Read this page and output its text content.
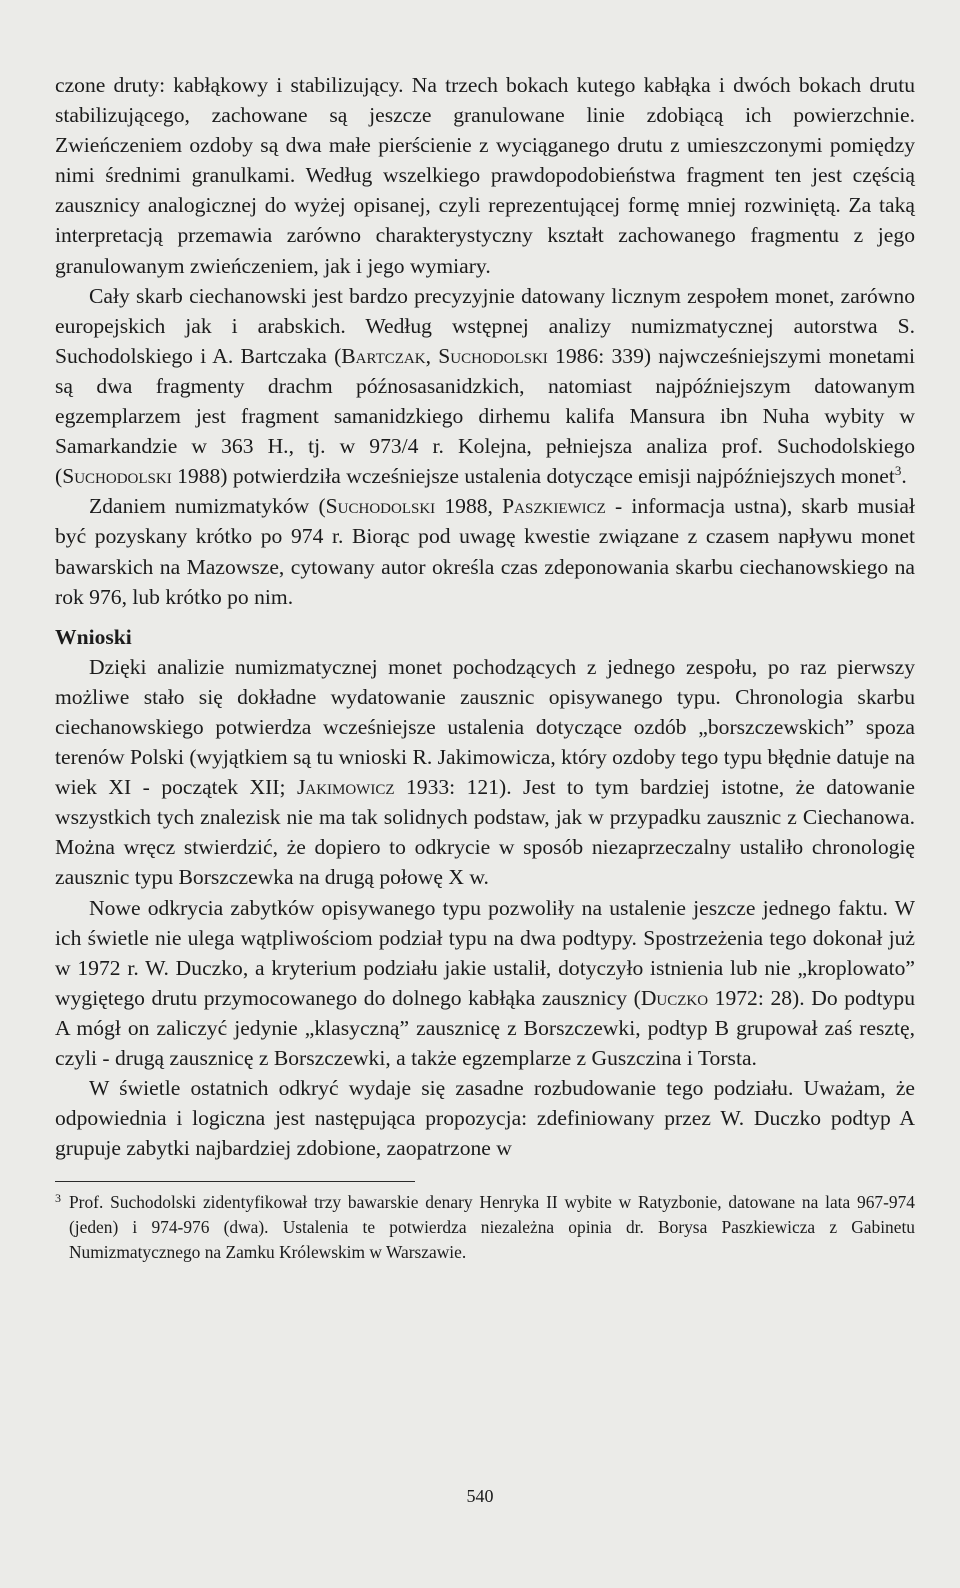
czone druty: kabłąkowy i stabilizujący. Na trzech bokach kutego kabłąka i dwóch bokach drutu stabilizującego, zachowane są jeszcze granulowane linie zdobiącą ich powierzchnie. Zwieńczeniem ozdoby są dwa małe pierścienie z wyciąganego drutu z umieszczonymi pomiędzy nimi średnimi granulkami. Według wszelkiego prawdopodobieństwa fragment ten jest częścią zausznicy analogicznej do wyżej opisanej, czyli reprezentującej formę mniej rozwiniętą. Za taką interpretacją przemawia zarówno charakterystyczny kształt zachowanego fragmentu z jego granulowanym zwieńczeniem, jak i jego wymiary.

Cały skarb ciechanowski jest bardzo precyzyjnie datowany licznym zespołem monet, zarówno europejskich jak i arabskich. Według wstępnej analizy numizmatycznej autorstwa S. Suchodolskiego i A. Bartczaka (Bartczak, Suchodolski 1986: 339) najwcześniejszymi monetami są dwa fragmenty drachm późnosasanidzkich, natomiast najpóźniejszym datowanym egzemplarzem jest fragment samanidzkiego dirhemu kalifa Mansura ibn Nuha wybity w Samarkandzie w 363 H., tj. w 973/4 r. Kolejna, pełniejsza analiza prof. Suchodolskiego (Suchodolski 1988) potwierdziła wcześniejsze ustalenia dotyczące emisji najpóźniejszych monet$^3$.

Zdaniem numizmatyków (Suchodolski 1988, Paszkiewicz - informacja ustna), skarb musiał być pozyskany krótko po 974 r. Biorąc pod uwagę kwestie związane z czasem napływu monet bawarskich na Mazowsze, cytowany autor określa czas zdeponowania skarbu ciechanowskiego na rok 976, lub krótko po nim.

Wnioski

Dzięki analizie numizmatycznej monet pochodzących z jednego zespołu, po raz pierwszy możliwe stało się dokładne wydatowanie zausznic opisywanego typu. Chronologia skarbu ciechanowskiego potwierdza wcześniejsze ustalenia dotyczące ozdób „borszczewskich” spoza terenów Polski (wyjątkiem są tu wnioski R. Jakimowicza, który ozdoby tego typu błędnie datuje na wiek XI - początek XII; Jakimowicz 1933: 121). Jest to tym bardziej istotne, że datowanie wszystkich tych znalezisk nie ma tak solidnych podstaw, jak w przypadku zausznic z Ciechanowa. Można wręcz stwierdzić, że dopiero to odkrycie w sposób niezaprzeczalny ustaliło chronologię zausznic typu Borszczewka na drugą połowę X w.

Nowe odkrycia zabytków opisywanego typu pozwoliły na ustalenie jeszcze jednego faktu. W ich świetle nie ulega wątpliwościom podział typu na dwa podtypy. Spostrzeżenia tego dokonał już w 1972 r. W. Duczko, a kryterium podziału jakie ustalił, dotyczyło istnienia lub nie „kroplowato” wygiętego drutu przymocowanego do dolnego kabłąka zausznicy (Duczko 1972: 28). Do podtypu A mógł on zaliczyć jedynie „klasyczną” zausznicę z Borszczewki, podtyp B grupował zaś resztę, czyli - drugą zausznicę z Borszczewki, a także egzemplarze z Guszczina i Torsta.

W świetle ostatnich odkryć wydaje się zasadne rozbudowanie tego podziału. Uważam, że odpowiednia i logiczna jest następująca propozycja: zdefiniowany przez W. Duczko podtyp A grupuje zabytki najbardziej zdobione, zaopatrzone w

3 Prof. Suchodolski zidentyfikował trzy bawarskie denary Henryka II wybite w Ratyzbonie, datowane na lata 967-974 (jeden) i 974-976 (dwa). Ustalenia te potwierdza niezależna opinia dr. Borysa Paszkiewicza z Gabinetu Numizmatycznego na Zamku Królewskim w Warszawie.

540
